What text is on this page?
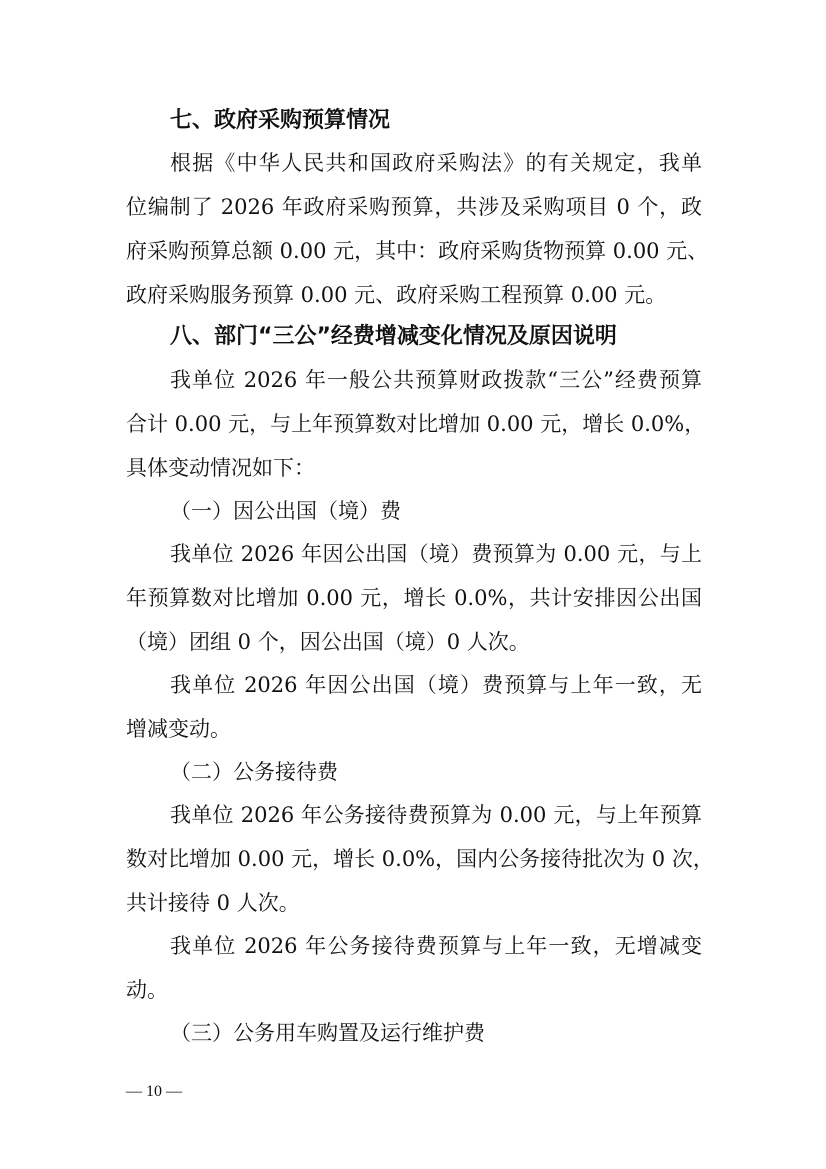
七、政府采购预算情况

根据《中华人民共和国政府采购法》的有关规定，我单

位编制了 2026 年政府采购预算，共涉及采购项目 0 个，政

府采购预算总额 0.00 元，其中：政府采购货物预算 0.00 元、

政府采购服务预算 0.00 元、政府采购工程预算 0.00 元。

八、部门“三公”经费增减变化情况及原因说明

我单位 2026 年一般公共预算财政拨款“三公”经费预算

合计 0.00 元，与上年预算数对比增加 0.00 元，增长 0.0%，

具体变动情况如下：

（一）因公出国（境）费

我单位 2026 年因公出国（境）费预算为 0.00 元，与上

年预算数对比增加 0.00 元，增长 0.0%，共计安排因公出国

（境）团组 0 个，因公出国（境）0 人次。

我单位 2026 年因公出国（境）费预算与上年一致，无

增减变动。

（二）公务接待费

我单位 2026 年公务接待费预算为 0.00 元，与上年预算

数对比增加 0.00 元，增长 0.0%，国内公务接待批次为 0 次，

共计接待 0 人次。

我单位 2026 年公务接待费预算与上年一致，无增减变

动。

（三）公务用车购置及运行维护费

— 10 —
